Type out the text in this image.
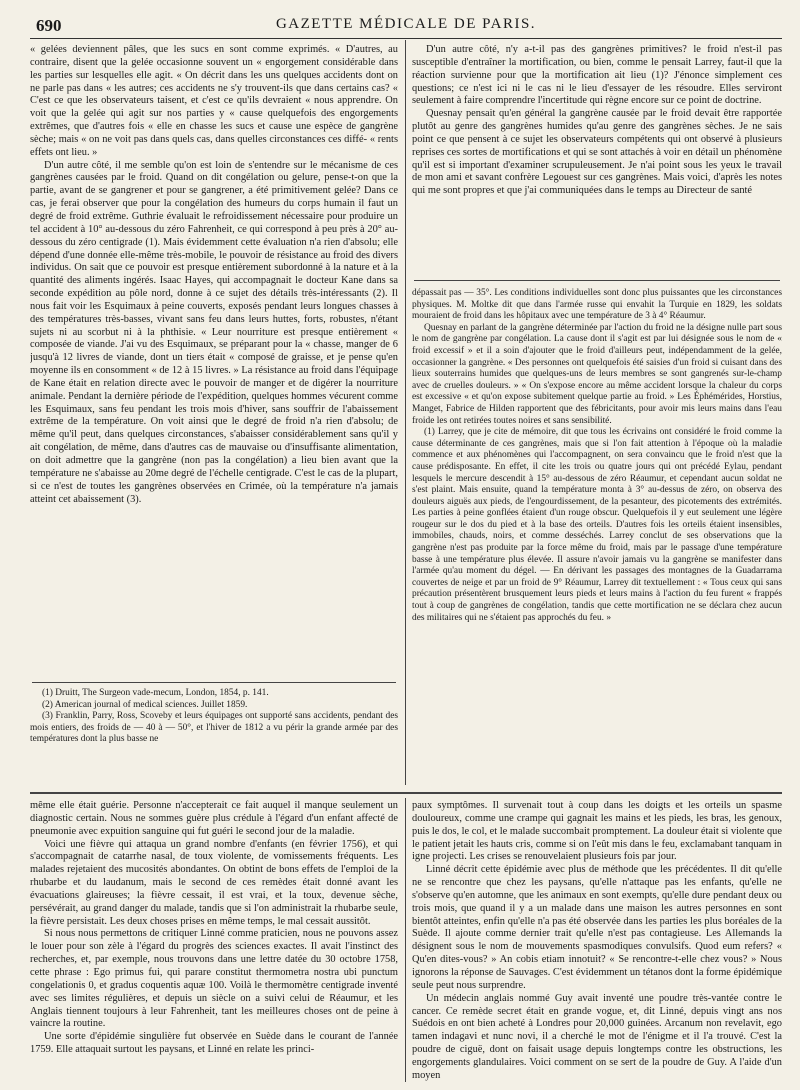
690	GAZETTE MÉDICALE DE PARIS.

« gelées deviennent pâles, que les sucs en sont comme exprimés. « D'autres, au contraire, disent que la gelée occasionne souvent un « engorgement considérable dans les parties sur lesquelles elle agit. « On décrit dans les uns quelques accidents dont on ne parle pas dans « les autres; ces accidents ne s'y trouvent-ils que dans certains cas? « C'est ce que les observateurs taisent, et c'est ce qu'ils devraient « nous apprendre. On voit que la gelée qui agit sur nos parties y « cause quelquefois des engorgements extrêmes, que d'autres fois « elle en chasse les sucs et cause une espèce de gangrène sèche; mais « on ne voit pas dans quels cas, dans quelles circonstances ces diffé- « rents effets ont lieu. »

D'un autre côté, il me semble qu'on est loin de s'entendre sur le mécanisme de ces gangrènes causées par le froid. Quand on dit congélation ou gelure, pense-t-on que la partie, avant de se gangrener et pour se gangrener, a été primitivement gelée? Dans ce cas, je ferai observer que pour la congélation des humeurs du corps humain il faut un degré de froid extrême. Guthrie évaluait le refroidissement nécessaire pour produire un tel accident à 10° au-dessous du zéro Fahrenheit, ce qui correspond à peu près à 20° au-dessous du zéro centigrade (1). Mais évidemment cette évaluation n'a rien d'absolu; elle dépend d'une donnée elle-même très-mobile, le pouvoir de résistance au froid des divers individus. On sait que ce pouvoir est presque entièrement subordonné à la nature et à la quantité des aliments ingérés. Isaac Hayes, qui accompagnait le docteur Kane dans sa seconde expédition au pôle nord, donne à ce sujet des détails très-intéressants (2). Il nous fait voir les Esquimaux à peine couverts, exposés pendant leurs longues chasses à des températures très-basses, vivant sans feu dans leurs huttes, forts, robustes, n'étant sujets ni au scorbut ni à la phthisie. « Leur nourriture est presque entièrement « composée de viande. J'ai vu des Esquimaux, se préparant pour la « chasse, manger de 6 jusqu'à 12 livres de viande, dont un tiers était « composé de graisse, et je pense qu'en moyenne ils en consomment « de 12 à 15 livres. » La résistance au froid dans l'équipage de Kane était en relation directe avec le pouvoir de manger et de digérer la nourriture animale. Pendant la dernière période de l'expédition, quelques hommes vécurent comme les Esquimaux, sans feu pendant les trois mois d'hiver, sans souffrir de l'abaissement extrême de la température. On voit ainsi que le degré de froid n'a rien d'absolu; de même qu'il peut, dans quelques circonstances, s'abaisser considérablement sans qu'il y ait congélation, de même, dans d'autres cas de mauvaise ou d'insuffisante alimentation, on doit admettre que la gangrène (non pas la congélation) a lieu bien avant que la température ne s'abaisse au 20me degré de l'échelle centigrade. C'est le cas de la plupart, si ce n'est de toutes les gangrènes observées en Crimée, où la température n'a jamais atteint cet abaissement (3).

(1) Druitt, The Surgeon vade-mecum, London, 1854, p. 141.

(2) American journal of medical sciences. Juillet 1859.

(3) Franklin, Parry, Ross, Scoveby et leurs équipages ont supporté sans accidents, pendant des mois entiers, des froids de — 40 à — 50°, et l'hiver de 1812 a vu périr la grande armée par des températures dont la plus basse ne

D'un autre côté, n'y a-t-il pas des gangrènes primitives? le froid n'est-il pas susceptible d'entraîner la mortification, ou bien, comme le pensait Larrey, faut-il que la réaction survienne pour que la mortification ait lieu (1)? J'énonce simplement ces questions; ce n'est ici ni le cas ni le lieu d'essayer de les résoudre. Elles serviront seulement à faire comprendre l'incertitude qui règne encore sur ce point de doctrine.

Quesnay pensait qu'en général la gangrène causée par le froid devait être rapportée plutôt au genre des gangrènes humides qu'au genre des gangrènes sèches. Je ne sais point ce que pensent à ce sujet les observateurs compétents qui ont observé à plusieurs reprises ces sortes de mortifications et qui se sont attachés à voir en détail un phénomène qu'il est si important d'examiner scrupuleusement. Je n'ai point sous les yeux le travail de mon ami et savant confrère Legouest sur ces gangrènes. Mais voici, d'après les notes qui me sont propres et que j'ai communiquées dans le temps au Directeur de santé

dépassait pas — 35°. Les conditions individuelles sont donc plus puissantes que les circonstances physiques. M. Moltke dit que dans l'armée russe qui envahit la Turquie en 1829, les soldats mouraient de froid dans les hôpitaux avec une température de 3 à 4° Réaumur.

Quesnay en parlant de la gangrène déterminée par l'action du froid ne la désigne nulle part sous le nom de gangrène par congélation. La cause dont il s'agit est par lui désignée sous le nom de « froid excessif » et il a soin d'ajouter que le froid d'ailleurs peut, indépendamment de la gelée, occasionner la gangrène. « Des personnes ont quelquefois été saisies d'un froid si cuisant dans des lieux souterrains humides que quelques-uns de leurs membres se sont gangrenés sur-le-champ avec de cruelles douleurs. » « On s'expose encore au même accident lorsque la chaleur du corps est excessive « et qu'on expose subitement quelque partie au froid. » Les Éphémérides, Horstius, Manget, Fabrice de Hilden rapportent que des fébricitants, pour avoir mis leurs mains dans l'eau froide les ont retirées toutes noires et sans sensibilité.

(1) Larrey, que je cite de mémoire, dit que tous les écrivains ont considéré le froid comme la cause déterminante de ces gangrènes, mais que si l'on fait attention à l'époque où la maladie commence et aux phénomènes qui l'accompagnent, on sera convaincu que le froid n'est que la cause prédisposante. En effet, il cite les trois ou quatre jours qui ont précédé Eylau, pendant lesquels le mercure descendit à 15° au-dessous de zéro Réaumur, et cependant aucun soldat ne s'est plaint. Mais ensuite, quand la température monta à 3° au-dessus de zéro, on observa des douleurs aiguës aux pieds, de l'engourdissement, de la pesanteur, des picotements des extrémités. Les parties à peine gonflées étaient d'un rouge obscur. Quelquefois il y eut seulement une légère rougeur sur le dos du pied et à la base des orteils. D'autres fois les orteils étaient insensibles, immobiles, chauds, noirs, et comme desséchés. Larrey conclut de ses observations que la gangrène n'est pas produite par la force même du froid, mais par le passage d'une température basse à une température plus élevée. Il assure n'avoir jamais vu la gangrène se manifester dans l'armée qu'au moment du dégel. — En dérivant les passages des montagnes de la Guadarrama couvertes de neige et par un froid de 9° Réaumur, Larrey dit textuellement : « Tous ceux qui sans précaution présentèrent brusquement leurs pieds et leurs mains à l'action du feu furent « frappés tout à coup de gangrènes de congélation, tandis que cette mortification ne se déclara chez aucun des militaires qui ne s'étaient pas approchés du feu. »

même elle était guérie. Personne n'accepterait ce fait auquel il manque seulement un diagnostic certain. Nous ne sommes guère plus crédule à l'égard d'un enfant affecté de pneumonie avec expuition sanguine qui fut guéri le second jour de la maladie.

Voici une fièvre qui attaqua un grand nombre d'enfants (en février 1756), et qui s'accompagnait de catarrhe nasal, de toux violente, de vomissements fréquents. Les malades rejetaient des mucosités abondantes. On obtint de bons effets de l'emploi de la rhubarbe et du laudanum, mais le second de ces remèdes était donné avant les évacuations glaireuses; la fièvre cessait, il est vrai, et la toux, devenue sèche, persévérait, au grand danger du malade, tandis que si l'on administrait la rhubarbe seule, la fièvre persistait. Les deux choses prises en même temps, le mal cessait aussitôt.

Si nous nous permettons de critiquer Linné comme praticien, nous ne pouvons assez le louer pour son zèle à l'égard du progrès des sciences exactes. Il avait l'instinct des recherches, et, par exemple, nous trouvons dans une lettre datée du 30 octobre 1758, cette phrase : Ego primus fui, qui parare constitut thermometra nostra ubi punctum congelationis 0, et gradus coquentis aquæ 100. Voilà le thermomètre centigrade inventé avec ses limites régulières, et depuis un siècle on a suivi celui de Réaumur, et les Anglais tiennent toujours à leur Fahrenheit, tant les meilleures choses ont de peine à vaincre la routine.

Une sorte d'épidémie singulière fut observée en Suède dans le courant de l'année 1759. Elle attaquait surtout les paysans, et Linné en relate les princi-

paux symptômes. Il survenait tout à coup dans les doigts et les orteils un spasme douloureux, comme une crampe qui gagnait les mains et les pieds, les bras, les genoux, puis le dos, le col, et le malade succombait promptement. La douleur était si violente que le patient jetait les hauts cris, comme si on l'eût mis dans le feu, exclamabant tanquam in igne projecti. Les crises se renouvelaient plusieurs fois par jour.

Linné décrit cette épidémie avec plus de méthode que les précédentes. Il dit qu'elle ne se rencontre que chez les paysans, qu'elle n'attaque pas les enfants, qu'elle ne s'observe qu'en automne, que les animaux en sont exempts, qu'elle dure pendant deux ou trois mois, que quand il y a un malade dans une maison les autres personnes en sont bientôt atteintes, enfin qu'elle n'a pas été observée dans les parties les plus boréales de la Suède. Il ajoute comme dernier trait qu'elle n'est pas contagieuse. Les Allemands la désignent sous le nom de mouvements spasmodiques convulsifs. Quod eum refers? « Qu'en dites-vous? » An cobis etiam innotuit? « Se rencontre-t-elle chez vous? » Nous ignorons la réponse de Sauvages. C'est évidemment un tétanos dont la forme épidémique seule peut nous surprendre.

Un médecin anglais nommé Guy avait inventé une poudre très-vantée contre le cancer. Ce remède secret était en grande vogue, et, dit Linné, depuis vingt ans nos Suédois en ont bien acheté à Londres pour 20,000 guinées. Arcanum non revelavit, ego tamen indagavi et nunc novi, il a cherché le mot de l'énigme et il l'a trouvé. C'est la poudre de ciguë, dont on faisait usage depuis longtemps contre les obstructions, les engorgements glandulaires. Voici comment on se sert de la poudre de Guy. A l'aide d'un moyen
